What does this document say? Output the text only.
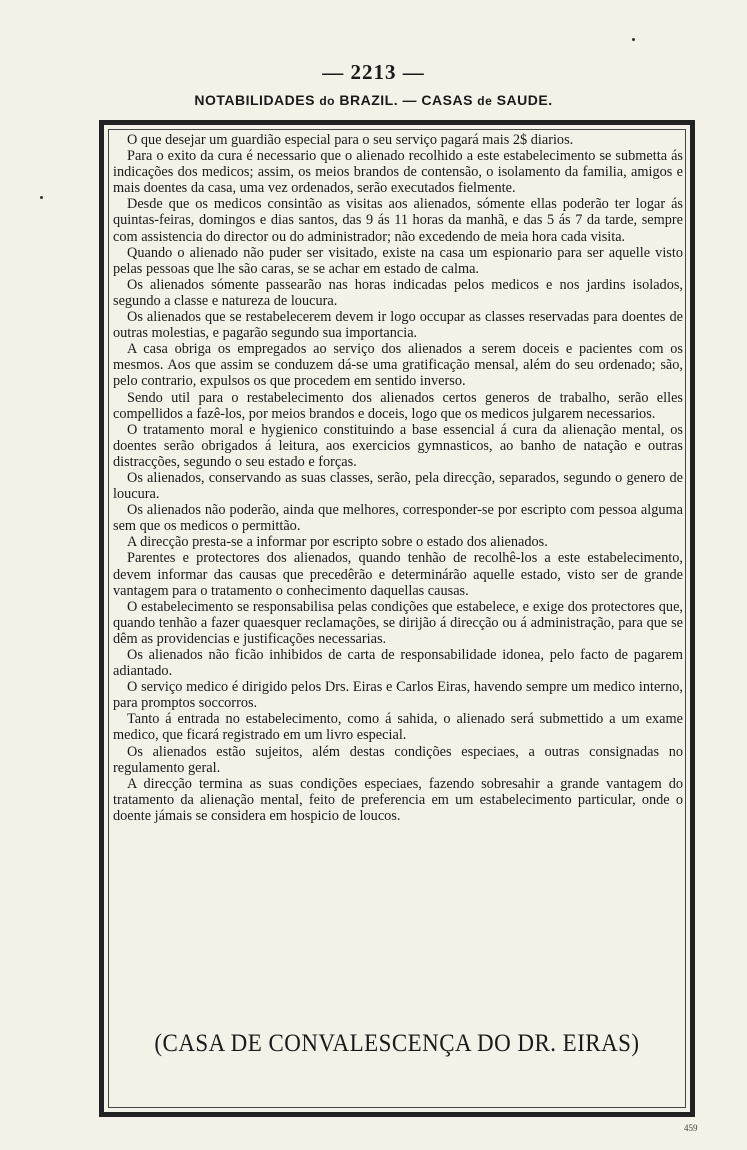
— 2213 —
NOTABILIDADES do BRAZIL. — CASAS de SAUDE.

O que desejar um guardião especial para o seu serviço pagará mais 2$ diarios.

Para o exito da cura é necessario que o alienado recolhido a este estabelecimento se submetta ás indicações dos medicos; assim, os meios brandos de contensão, o isolamento da familia, amigos e mais doentes da casa, uma vez ordenados, serão executados fielmente.

Desde que os medicos consintão as visitas aos alienados, sómente ellas poderão ter logar ás quintas-feiras, domingos e dias santos, das 9 ás 11 horas da manhã, e das 5 ás 7 da tarde, sempre com assistencia do director ou do administrador; não excedendo de meia hora cada visita.

Quando o alienado não puder ser visitado, existe na casa um espionario para ser aquelle visto pelas pessoas que lhe são caras, se se achar em estado de calma.

Os alienados sómente passearão nas horas indicadas pelos medicos e nos jardins isolados, segundo a classe e natureza de loucura.

Os alienados que se restabelecerem devem ir logo occupar as classes reservadas para doentes de outras molestias, e pagarão segundo sua importancia.

A casa obriga os empregados ao serviço dos alienados a serem doceis e pacientes com os mesmos. Aos que assim se conduzem dá-se uma gratificação mensal, além do seu ordenado; são, pelo contrario, expulsos os que procedem em sentido inverso.

Sendo util para o restabelecimento dos alienados certos generos de trabalho, serão elles compellidos a fazê-los, por meios brandos e doceis, logo que os medicos julgarem necessarios.

O tratamento moral e hygienico constituindo a base essencial á cura da alienação mental, os doentes serão obrigados á leitura, aos exercicios gymnasticos, ao banho de natação e outras distracções, segundo o seu estado e forças.

Os alienados, conservando as suas classes, serão, pela direcção, separados, segundo o genero de loucura.

Os alienados não poderão, ainda que melhores, corresponder-se por escripto com pessoa alguma sem que os medicos o permittão.

A direcção presta-se a informar por escripto sobre o estado dos alienados.

Parentes e protectores dos alienados, quando tenhão de recolhê-los a este estabelecimento, devem informar das causas que precedêrão e determinárão aquelle estado, visto ser de grande vantagem para o tratamento o conhecimento daquellas causas.

O estabelecimento se responsabilisa pelas condições que estabelece, e exige dos protectores que, quando tenhão a fazer quaesquer reclamações, se dirijão á direcção ou á administração, para que se dêm as providencias e justificações necessarias.

Os alienados não ficão inhibidos de carta de responsabilidade idonea, pelo facto de pagarem adiantado.

O serviço medico é dirigido pelos Drs. Eiras e Carlos Eiras, havendo sempre um medico interno, para promptos soccorros.

Tanto á entrada no estabelecimento, como á sahida, o alienado será submettido a um exame medico, que ficará registrado em um livro especial.

Os alienados estão sujeitos, além destas condições especiaes, a outras consignadas no regulamento geral.

A direcção termina as suas condições especiaes, fazendo sobresahir a grande vantagem do tratamento da alienação mental, feito de preferencia em um estabelecimento particular, onde o doente jámais se considera em hospicio de loucos.

(CASA DE CONVALESCENÇA DO DR. EIRAS)
459
